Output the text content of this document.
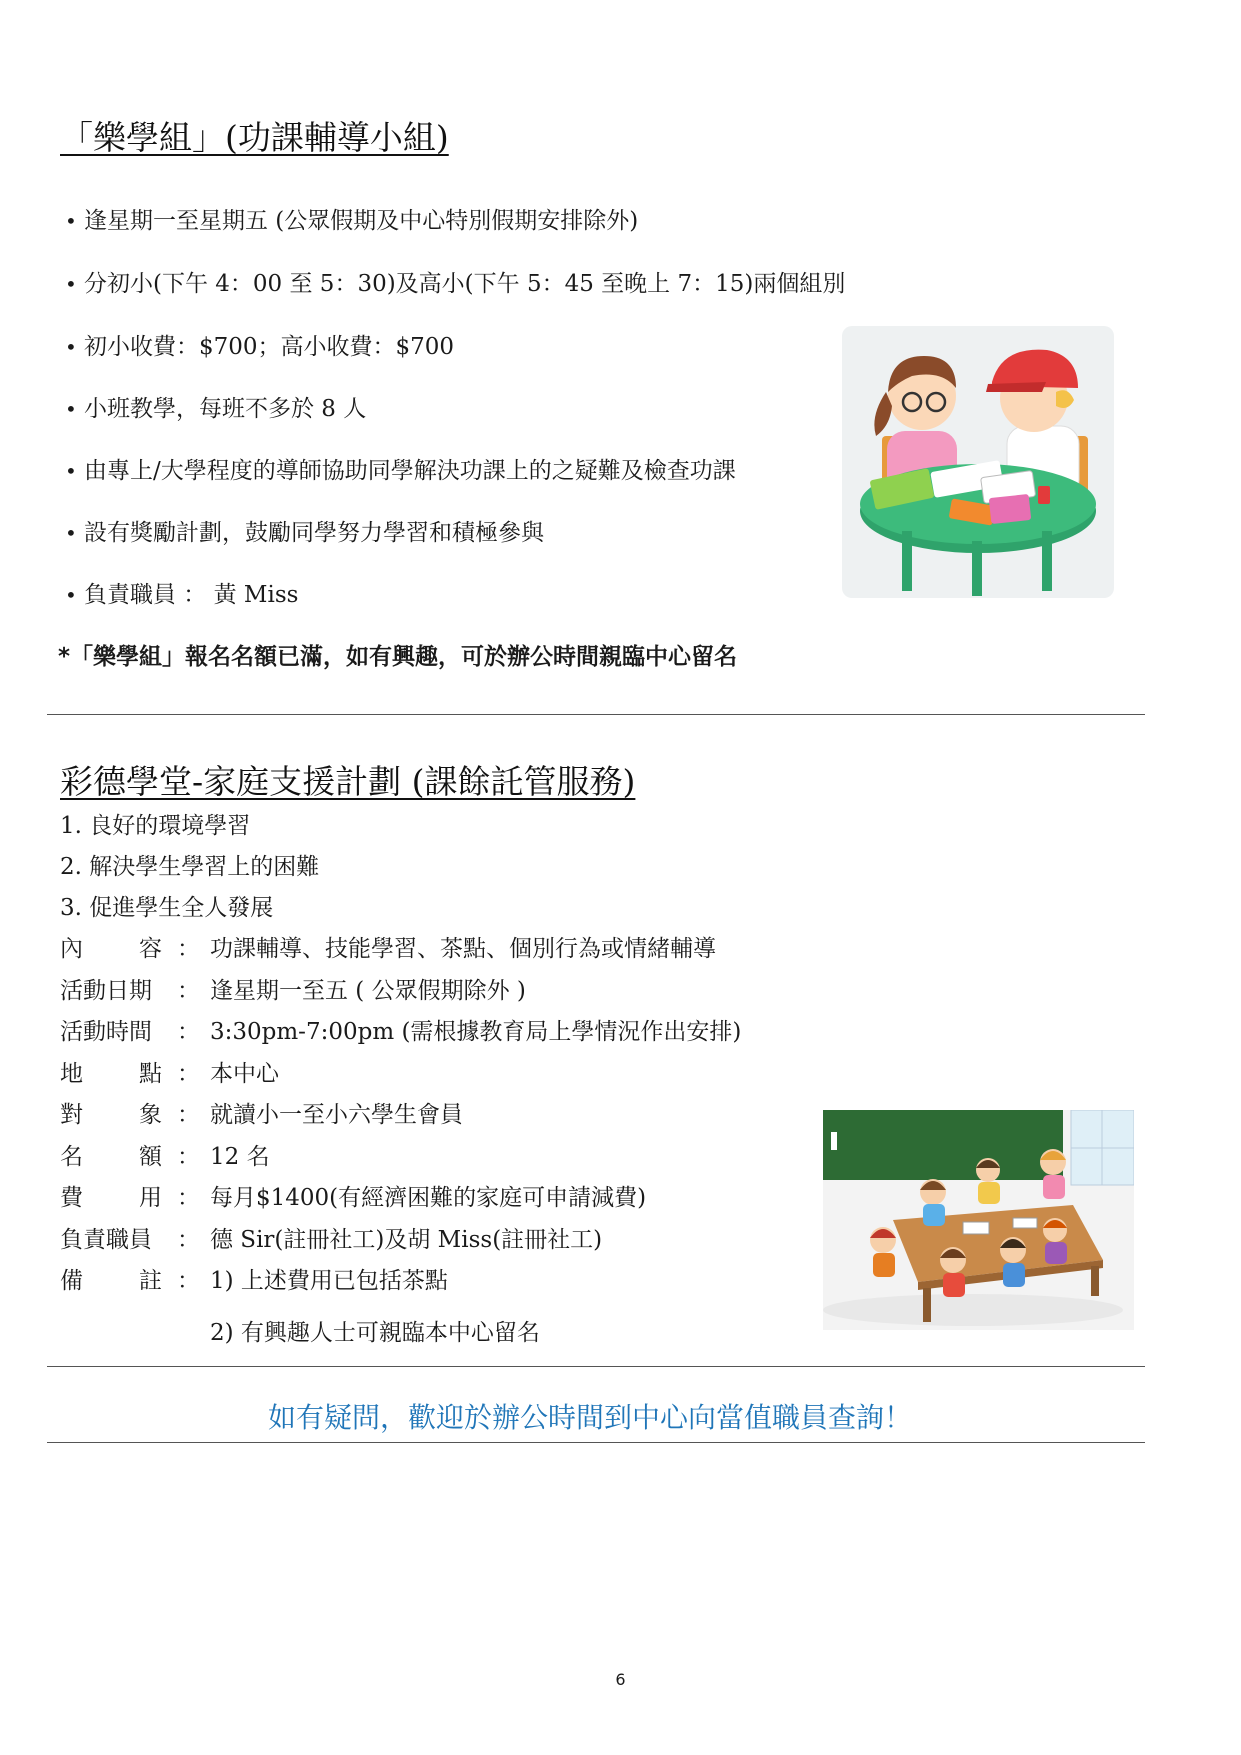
「樂學組」(功課輔導小組)
• 逢星期一至星期五 (公眾假期及中心特別假期安排除外)
• 分初小(下午 4：00 至 5：30)及高小(下午 5：45 至晚上 7：15)兩個組別
• 初小收費：$700；高小收費：$700
• 小班教學，每班不多於 8 人
• 由專上/大學程度的導師協助同學解決功課上的之疑難及檢查功課
• 設有獎勵計劃，鼓勵同學努力學習和積極參與
• 負責職員 ： 黃 Miss
*「樂學組」報名名額已滿，如有興趣，可於辦公時間親臨中心留名
彩德學堂-家庭支援計劃 (課餘託管服務)
1. 良好的環境學習
2. 解決學生學習上的困難
3. 促進學生全人發展
內 容 ： 功課輔導、技能學習、茶點、個別行為或情緒輔導
活動日期 ： 逢星期一至五 ( 公眾假期除外 )
活動時間 ： 3:30pm-7:00pm (需根據教育局上學情況作出安排)
地 點 ： 本中心
對 象 ： 就讀小一至小六學生會員
名 額 ： 12 名
費 用 ： 每月$1400(有經濟困難的家庭可申請減費)
負責職員 ： 德 Sir(註冊社工)及胡 Miss(註冊社工)
備 註 ： 1) 上述費用已包括茶點
2) 有興趣人士可親臨本中心留名
如有疑問，歡迎於辦公時間到中心向當值職員查詢！
6
